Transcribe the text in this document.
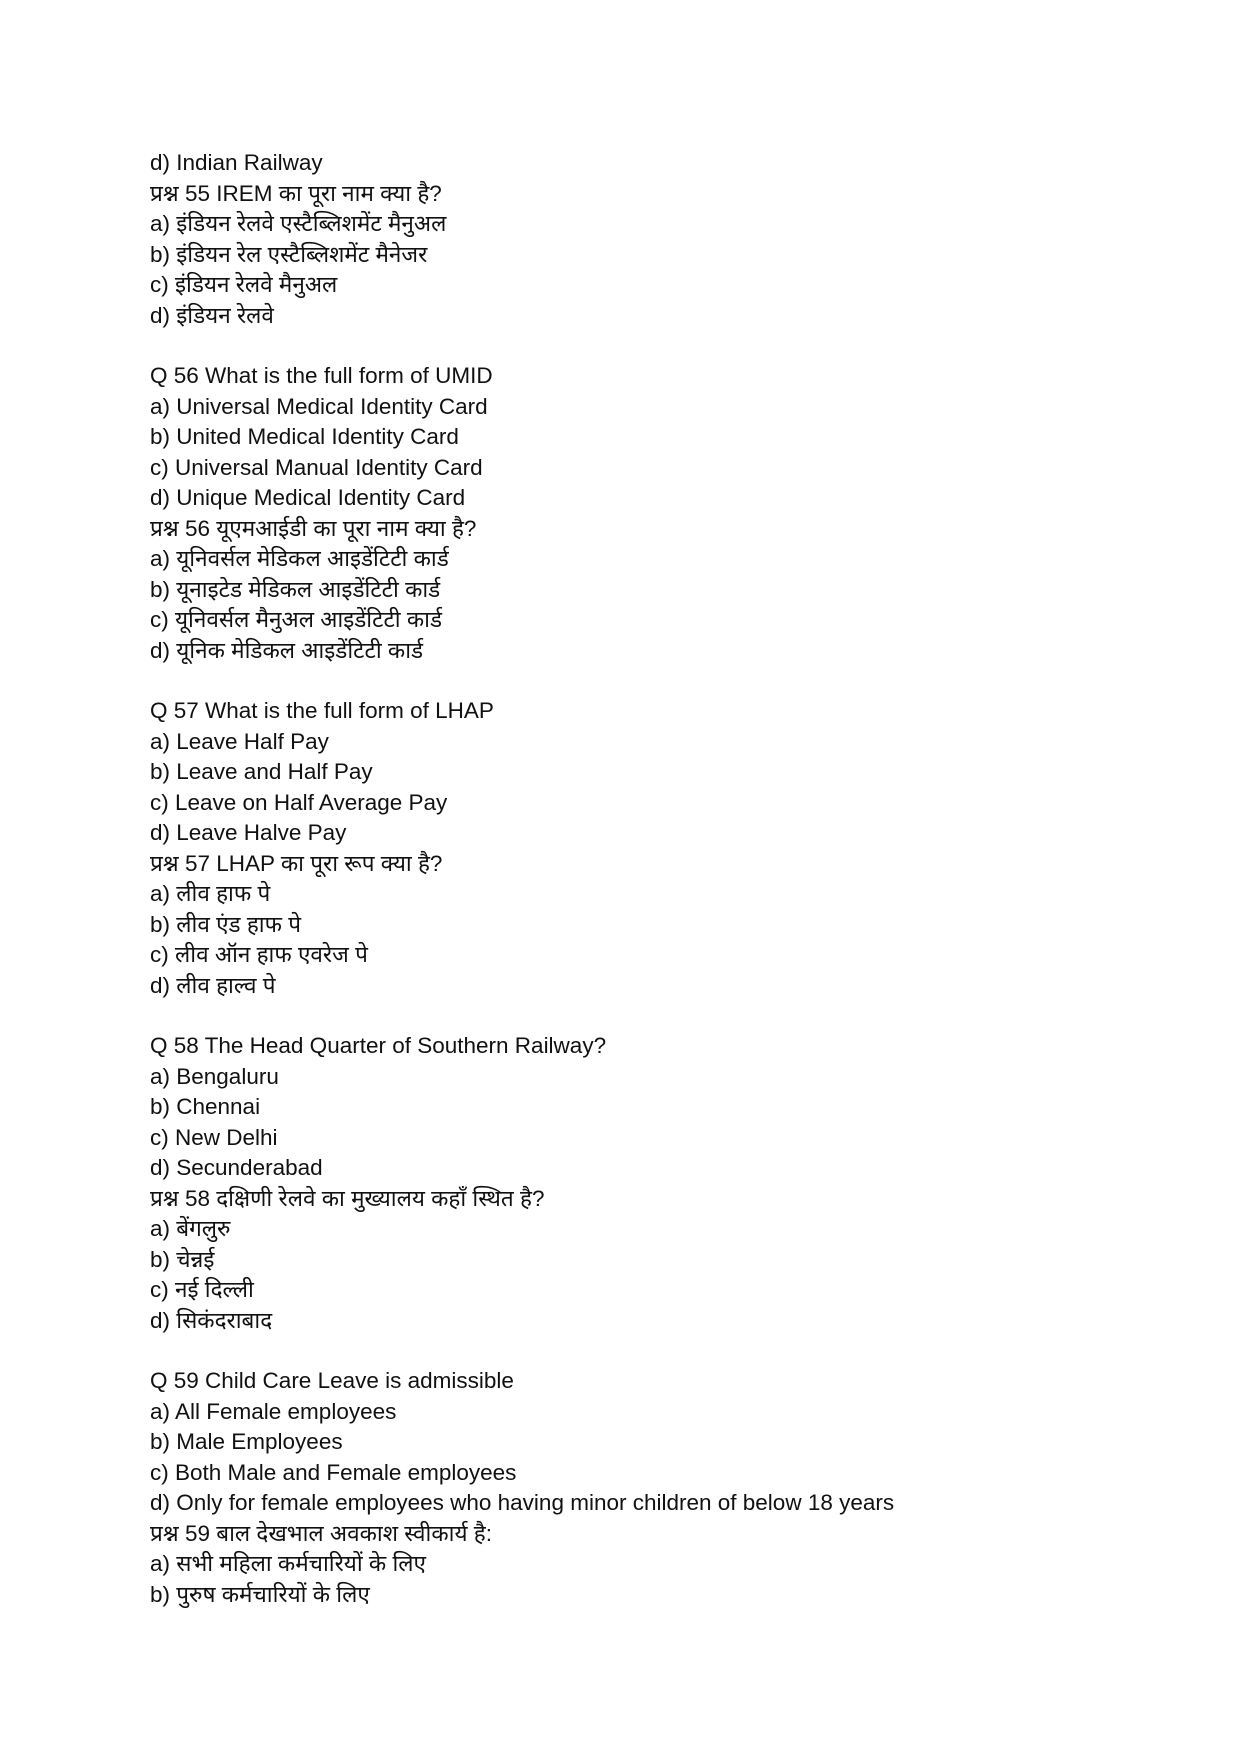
d) Indian Railway
प्रश्न 55 IREM का पूरा नाम क्या है?
a) इंडियन रेलवे एस्टैब्लिशमेंट मैनुअल
b) इंडियन रेल एस्टैब्लिशमेंट मैनेजर
c) इंडियन रेलवे मैनुअल
d) इंडियन रेलवे
Q 56 What is the full form of UMID
a) Universal Medical Identity Card
b) United Medical Identity Card
c) Universal Manual Identity Card
d) Unique Medical Identity Card
प्रश्न 56 यूएमआईडी का पूरा नाम क्या है?
a) यूनिवर्सल मेडिकल आइडेंटिटी कार्ड
b) यूनाइटेड मेडिकल आइडेंटिटी कार्ड
c) यूनिवर्सल मैनुअल आइडेंटिटी कार्ड
d) यूनिक मेडिकल आइडेंटिटी कार्ड
Q 57 What is the full form of LHAP
a) Leave Half Pay
b) Leave and Half Pay
c) Leave on Half Average Pay
d) Leave Halve Pay
प्रश्न 57 LHAP का पूरा रूप क्या है?
a) लीव हाफ पे
b) लीव एंड हाफ पे
c) लीव ऑन हाफ एवरेज पे
d) लीव हाल्व पे
Q 58 The Head Quarter of Southern Railway?
a) Bengaluru
b) Chennai
c) New Delhi
d) Secunderabad
प्रश्न 58 दक्षिणी रेलवे का मुख्यालय कहाँ स्थित है?
a) बेंगलुरु
b) चेन्नई
c) नई दिल्ली
d) सिकंदराबाद
Q 59 Child Care Leave is admissible
a) All Female employees
b) Male Employees
c) Both Male and Female employees
d) Only for female employees who having minor children of below 18 years
प्रश्न 59 बाल देखभाल अवकाश स्वीकार्य है:
a) सभी महिला कर्मचारियों के लिए
b) पुरुष कर्मचारियों के लिए
